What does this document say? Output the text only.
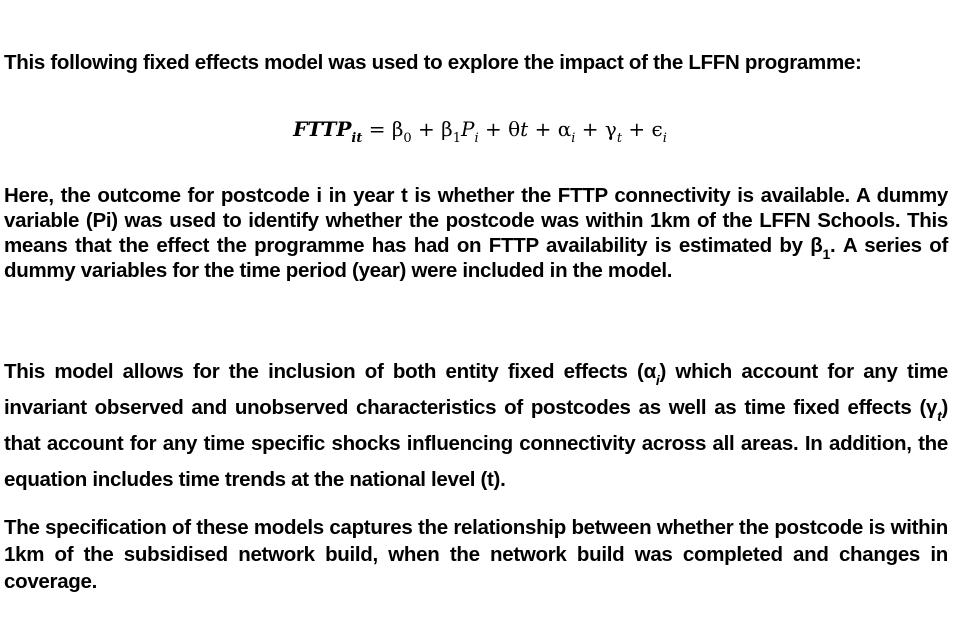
This following fixed effects model was used to explore the impact of the LFFN programme:

$FTTP_{it} = \beta_0 + \beta_1P_i + \theta t + \alpha_i + \gamma_t + \epsilon_i$

Here, the outcome for postcode i in year t is whether the FTTP connectivity is available. A dummy variable (Pi) was used to identify whether the postcode was within 1km of the LFFN Schools. This means that the effect the programme has had on FTTP availability is estimated by $\beta_1$. A series of dummy variables for the time period (year) were included in the model.

This model allows for the inclusion of both entity fixed effects $(\alpha_i)$ which account for any time invariant observed and unobserved characteristics of postcodes as well as time fixed effects $(\gamma_t)$ that account for any time specific shocks influencing connectivity across all areas. In addition, the equation includes time trends at the national level (t).

The specification of these models captures the relationship between whether the postcode is within 1km of the subsidised network build, when the network build was completed and changes in coverage.
